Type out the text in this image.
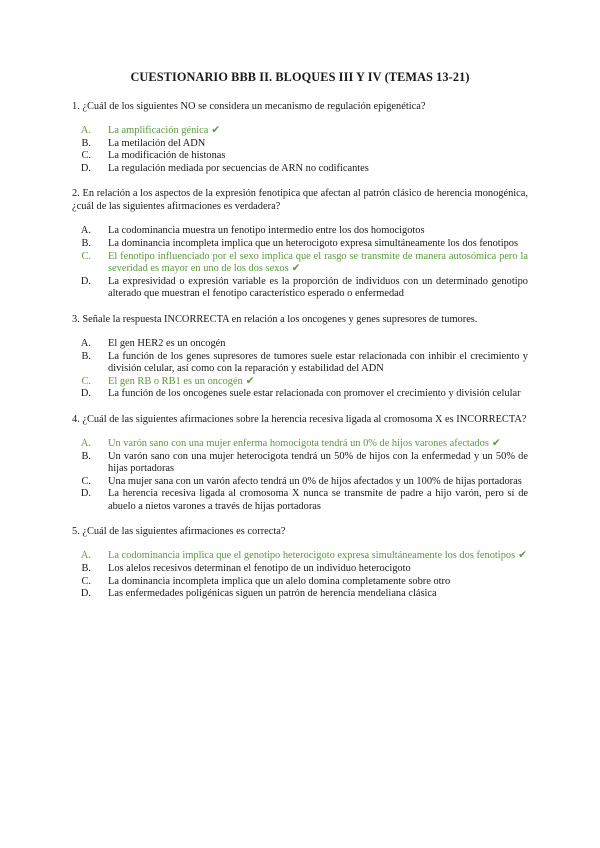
CUESTIONARIO BBB II. BLOQUES III Y IV (TEMAS 13-21)

1. ¿Cuál de los siguientes NO se considera un mecanismo de regulación epigenética?

A.	La amplificación génica ✔
B.	La metilación del ADN
C.	La modificación de histonas
D.	La regulación mediada por secuencias de ARN no codificantes

2. En relación a los aspectos de la expresión fenotípica que afectan al patrón clásico de herencia monogénica, ¿cuál de las siguientes afirmaciones es verdadera?

A.	La codominancia muestra un fenotipo intermedio entre los dos homocigotos
B.	La dominancia incompleta implica que un heterocigoto expresa simultáneamente los dos fenotipos
C.	El fenotipo influenciado por el sexo implica que el rasgo se transmite de manera autosómica pero la severidad es mayor en uno de los dos sexos ✔
D.	La expresividad o expresión variable es la proporción de individuos con un determinado genotipo alterado que muestran el fenotipo característico esperado o enfermedad

3. Señale la respuesta INCORRECTA en relación a los oncogenes y genes supresores de tumores.

A.	El gen HER2 es un oncogén
B.	La función de los genes supresores de tumores suele estar relacionada con inhibir el crecimiento y división celular, así como con la reparación y estabilidad del ADN
C.	El gen RB o RB1 es un oncogén ✔
D.	La función de los oncogenes suele estar relacionada con promover el crecimiento y división celular

4. ¿Cuál de las siguientes afirmaciones sobre la herencia recesiva ligada al cromosoma X es INCORRECTA?

A.	Un varón sano con una mujer enferma homocigota tendrá un 0% de hijos varones afectados ✔
B.	Un varón sano con una mujer heterocigota tendrá un 50% de hijos con la enfermedad y un 50% de hijas portadoras
C.	Una mujer sana con un varón afecto tendrá un 0% de hijos afectados y un 100% de hijas portadoras
D.	La herencia recesiva ligada al cromosoma X nunca se transmite de padre a hijo varón, pero sí de abuelo a nietos varones a través de hijas portadoras

5. ¿Cuál de las siguientes afirmaciones es correcta?

A.	La codominancia implica que el genotipo heterocigoto expresa simultáneamente los dos fenotipos ✔
B.	Los alelos recesivos determinan el fenotipo de un individuo heterocigoto
C.	La dominancia incompleta implica que un alelo domina completamente sobre otro
D.	Las enfermedades poligénicas siguen un patrón de herencia mendeliana clásica
